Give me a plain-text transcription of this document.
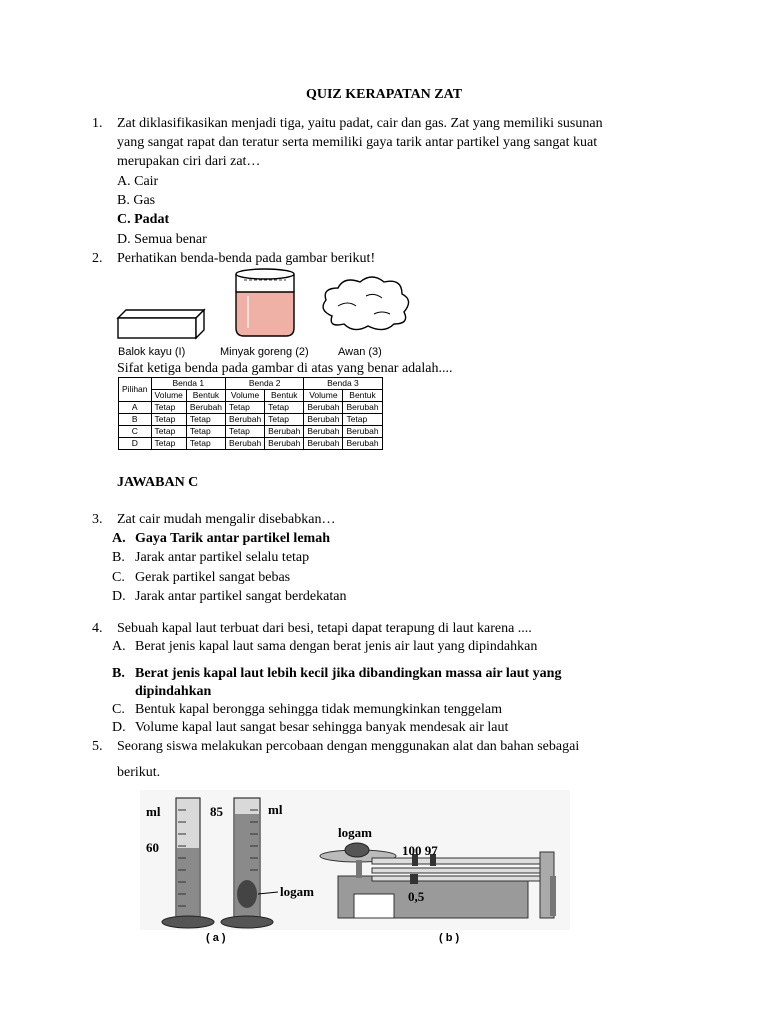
QUIZ KERAPATAN ZAT
1. Zat diklasifikasikan menjadi tiga, yaitu padat, cair dan gas. Zat yang memiliki susunan
yang sangat rapat dan teratur serta memiliki gaya tarik antar partikel yang sangat kuat
merupakan ciri dari zat…
A. Cair
B. Gas
C. Padat
D. Semua benar
2. Perhatikan benda-benda pada gambar berikut!
Balok kayu (I)	Minyak goreng (2)	Awan (3)
Sifat ketiga benda pada gambar di atas yang benar adalah....
Pilihan	Benda 1		Benda 2		Benda 3	
	Volume	Bentuk	Volume	Bentuk	Volume	Bentuk
A	Tetap	Berubah	Tetap	Tetap	Berubah	Berubah
B	Tetap	Tetap	Berubah	Tetap	Berubah	Tetap
C	Tetap	Tetap	Tetap	Berubah	Berubah	Berubah
D	Tetap	Tetap	Berubah	Berubah	Berubah	Berubah
JAWABAN C
3. Zat cair mudah mengalir disebabkan…
A. Gaya Tarik antar partikel lemah
B. Jarak antar partikel selalu tetap
C. Gerak partikel sangat bebas
D. Jarak antar partikel sangat berdekatan
4. Sebuah kapal laut terbuat dari besi, tetapi dapat terapung di laut karena ....
A. Berat jenis kapal laut sama dengan berat jenis air laut yang dipindahkan
B. Berat jenis kapal laut lebih kecil jika dibandingkan massa air laut yang
dipindahkan
C. Bentuk kapal berongga sehingga tidak memungkinkan tenggelam
D. Volume kapal laut sangat besar sehingga banyak mendesak air laut
5. Seorang siswa melakukan percobaan dengan menggunakan alat dan bahan sebagai
berikut.
ml
60
85	ml
logam
logam
100 97
0,5
( a )	( b )
